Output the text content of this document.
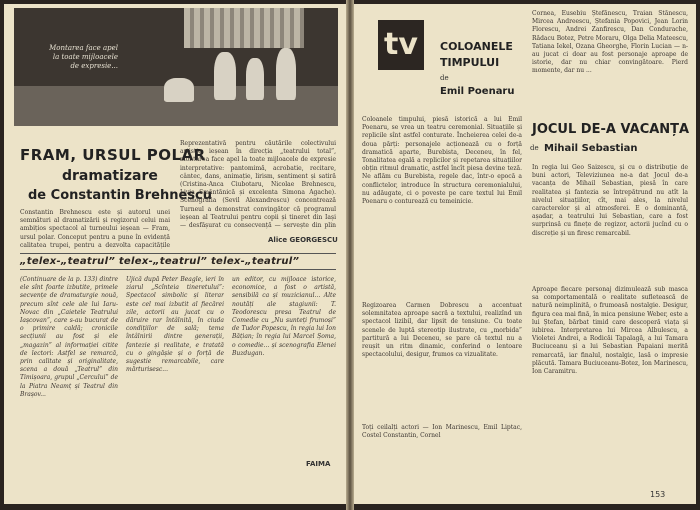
Montarea face apel la toate mijloacele de expresie...
FRAM, URSUL POLAR
dramatizare
de Constantin Brehnescu
Constantin Brehnescu este și autorul unei semnături al dramatizării și regizorul celui mai ambițios spectacol al turneului ieșean — Fram, ursul polar. Conceput pentru a pune în evidență calitatea trupei, pentru a dezvolta capacitățile
Reprezentativă pentru căutările colectivului artistic ieșean în direcția „teatrului total”, montarea face apel la toate mijloacele de expresie interpretative: pantomimă, acrobatie, recitare, cântec, dans, animație, lirism, sentiment și satiră (Cristina-Anca Ciubotaru, Nicolae Brehnescu, Livia Smăntănică și excelenta Simona Agache). Scenografia (Sevil Alexandrescu) concentrează
Turneul a demonstrat convingător că programul ieșean al Teatrului pentru copii și tineret din Iași — desfășurat cu consecvență — servește din plin
Alice GEORGESCU
„telex-„teatrul” telex-„teatrul” telex-„teatrul”
(Continuare de la p. 133) dintre ele sînt foarte izbutite, primele secvențe de dramaturgie nouă, precum sînt cele ale lui Iaru-Novac din „Caietele Teatrului Iașcovan”, care s-au bucurat de o primire caldă; cronicile secțiunii au fost și ele „magazin” al informației citite de lectori: Astfel se remarcă, prin calitate și originalitate, scena a două „Teatrul” din Timișoara, grupul „Cercului” de la Piatra Neamț și Teatrul din Brașov...
Ujică după Peter Beagle, ieri în ziarul „Scînteia tineretului”: Spectacol simbolic și literar este cel mai izbutit al fiecărei zile, actorii au jucat cu o dăruire rar întâlnită, în ciuda condițiilor de sală; tema întâlnirii dintre generații, fantezie și realitate, e tratată cu o gingășie și o forță de sugestie remarcabile, care mărturisesc...
un editor, cu mijloace istorice, economice, a fost o artistă, sensibilă ca și muzicianul... Alte noutăți ale stagiunii: T. Teodorescu presa Teatrul de Comedie cu „Nu sunteți frumoși” de Tudor Popescu, în regia lui Ion Bățian; în regia lui Marcel Șoma, o comedie... și scenografia Elenei Buzdugan.
FAIMA
tv	COLOANELE
TIMPULUI
de
Emil Poenaru
Cornea, Eusebiu Ștefănescu, Traian Stănescu, Mircea Andreescu, Ștefania Popovici, Jean Lorin Florescu, Andrei Zanfirescu, Dan Condurache, Rădacu Botez, Petre Moraru, Olga Delia Mateescu, Tatiana Iekel, Ozana Gheorghe, Florin Lucian — n-au jucat ci doar au fost personaje aproape de istorie, dar nu chiar convingătoare. Pierd momente, dar nu ...
JOCUL DE-A VACANȚA
de Mihail Sebastian
Coloanele timpului, piesă istorică a lui Emil Poenaru, se vrea un teatru ceremonial. Situațiile și replicile sînt astfel conturate. Încheierea celei de-a doua părți: personajele acționează cu o forță dramatică aparte, Burebista, Deceneu, în fel, Tonalitatea egală a replicilor și repetarea situațiilor obțin ritmul dramatic, astfel încît piesa devine teză. Ne aflăm cu Burebista, regele dac, într-o epocă a conflictelor, introduce în structura ceremonialului, nu adăugate, ci o poveste pe care textul lui Emil Poenaru o conturează cu temeinicie.
Regizoarea Carmen Dobrescu a accentuat solemnitatea aproape sacră a textului, realizînd un spectacol lizibil, dar lipsit de tensiune. Cu toate scenele de luptă stereotip ilustrate, cu „morbida” partitură a lui Deceneu, se pare că textul nu a reușit un ritm dinamic, conferind o lentoare spectacolului, desigur, frumos ca vizualitate.
Toți ceilalți actori — Ion Marinescu, Emil Liptac, Costel Constantin, Cornel
În regia lui Geo Saizescu, și cu o distribuție de buni actori, Televiziunea ne-a dat Jocul de-a vacanța de Mihail Sebastian, piesă în care realitatea și fantezia se întrepătrund nu atît la nivelul situațiilor, cît, mai ales, la nivelul caracterelor și al atmosferei. E o dominantă, așadar, a teatrului lui Sebastian, care a fost surprinsă cu finețe de regizor, actorii jucînd cu o discreție și un firesc remarcabil.
Aproape fiecare personaj dizimulează sub masca sa comportamentală o realitate sufletească de natură neimplinită, o frumoasă nostalgie. Desigur, figura cea mai fină, în mica pensiune Weber, este a lui Ștefan, bărbat timid care descoperă viața și iubirea. Interpretarea lui Mircea Albulescu, a Violetei Andrei, a Rodicăi Tapalagă, a lui Tamara Buciuceanu și a lui Sebastian Papaiani merită remarcată, iar finalul, nostalgic, lasă o impresie plăcută. Tamara Buciuceanu-Botez, Ion Marinescu, Ion Caramitru.
153
